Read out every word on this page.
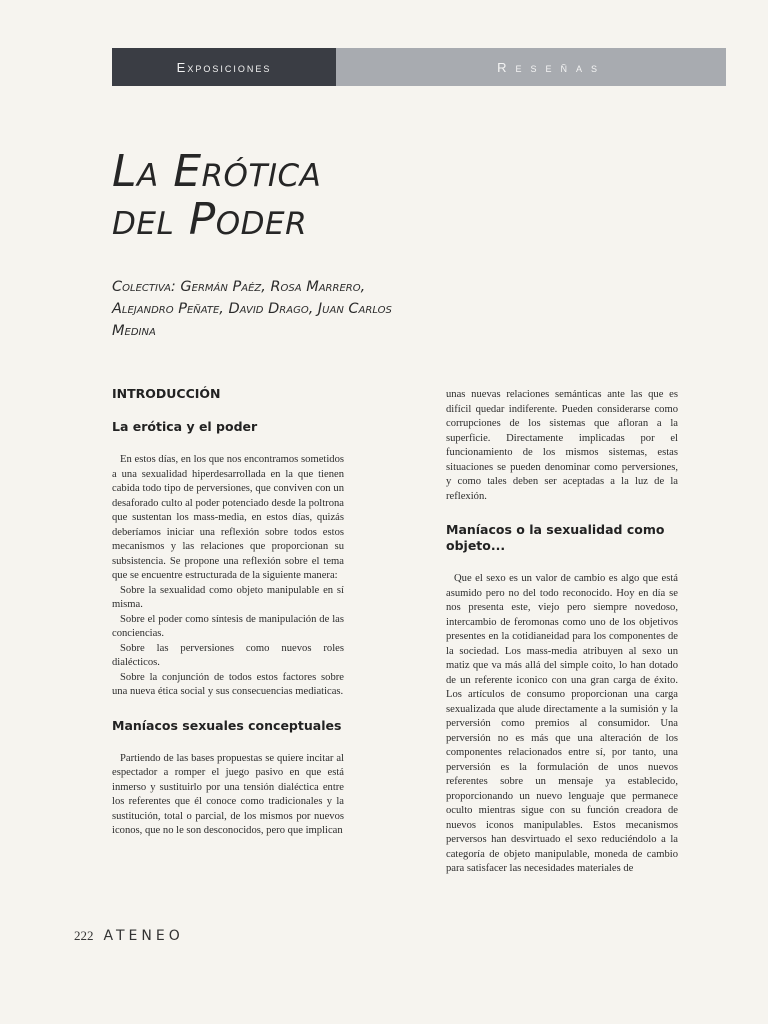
Exposiciones	Reseñas
La Erótica
del Poder

Colectiva: Germán Paéz, Rosa Marrero, Alejandro Peñate, David Drago, Juan Carlos Medina

INTRODUCCIÓN
La erótica y el poder

En estos días, en los que nos encontramos sometidos a una sexualidad hiperdesarrollada en la que tienen cabida todo tipo de perversiones, que conviven con un desaforado culto al poder potenciado desde la poltrona que sustentan los mass-media, en estos días, quizás deberíamos iniciar una reflexión sobre todos estos mecanismos y las relaciones que proporcionan su subsistencia. Se propone una reflexión sobre el tema que se encuentre estructurada de la siguiente manera:

Sobre la sexualidad como objeto manipulable en sí misma.

Sobre el poder como síntesis de manipulación de las conciencias.

Sobre las perversiones como nuevos roles dialécticos.

Sobre la conjunción de todos estos factores sobre una nueva ética social y sus consecuencias mediaticas.

Maníacos sexuales conceptuales

Partiendo de las bases propuestas se quiere incitar al espectador a romper el juego pasivo en que está inmerso y sustituirlo por una tensión dialéctica entre los referentes que él conoce como tradicionales y la sustitución, total o parcial, de los mismos por nuevos iconos, que no le son desconocidos, pero que implican

unas nuevas relaciones semánticas ante las que es difícil quedar indiferente. Pueden considerarse como corrupciones de los sistemas que afloran a la superficie. Directamente implicadas por el funcionamiento de los mismos sistemas, estas situaciones se pueden denominar como perversiones, y como tales deben ser aceptadas a la luz de la reflexión.

Maníacos o la sexualidad como objeto...

Que el sexo es un valor de cambio es algo que está asumido pero no del todo reconocido. Hoy en día se nos presenta este, viejo pero siempre novedoso, intercambio de feromonas como uno de los objetivos presentes en la cotidianeidad para los componentes de la sociedad. Los mass-media atribuyen al sexo un matiz que va más allá del simple coito, lo han dotado de un referente iconico con una gran carga de éxito. Los artículos de consumo proporcionan una carga sexualizada que alude directamente a la sumisión y la perversión como premios al consumidor. Una perversión no es más que una alteración de los componentes relacionados entre sí, por tanto, una perversión es la formulación de unos nuevos referentes sobre un mensaje ya establecido, proporcionando un nuevo lenguaje que permanece oculto mientras sigue con su función creadora de nuevos iconos manipulables. Estos mecanismos perversos han desvirtuado el sexo reduciéndolo a la categoría de objeto manipulable, moneda de cambio para satisfacer las necesidades materiales de

222 ATENEO
